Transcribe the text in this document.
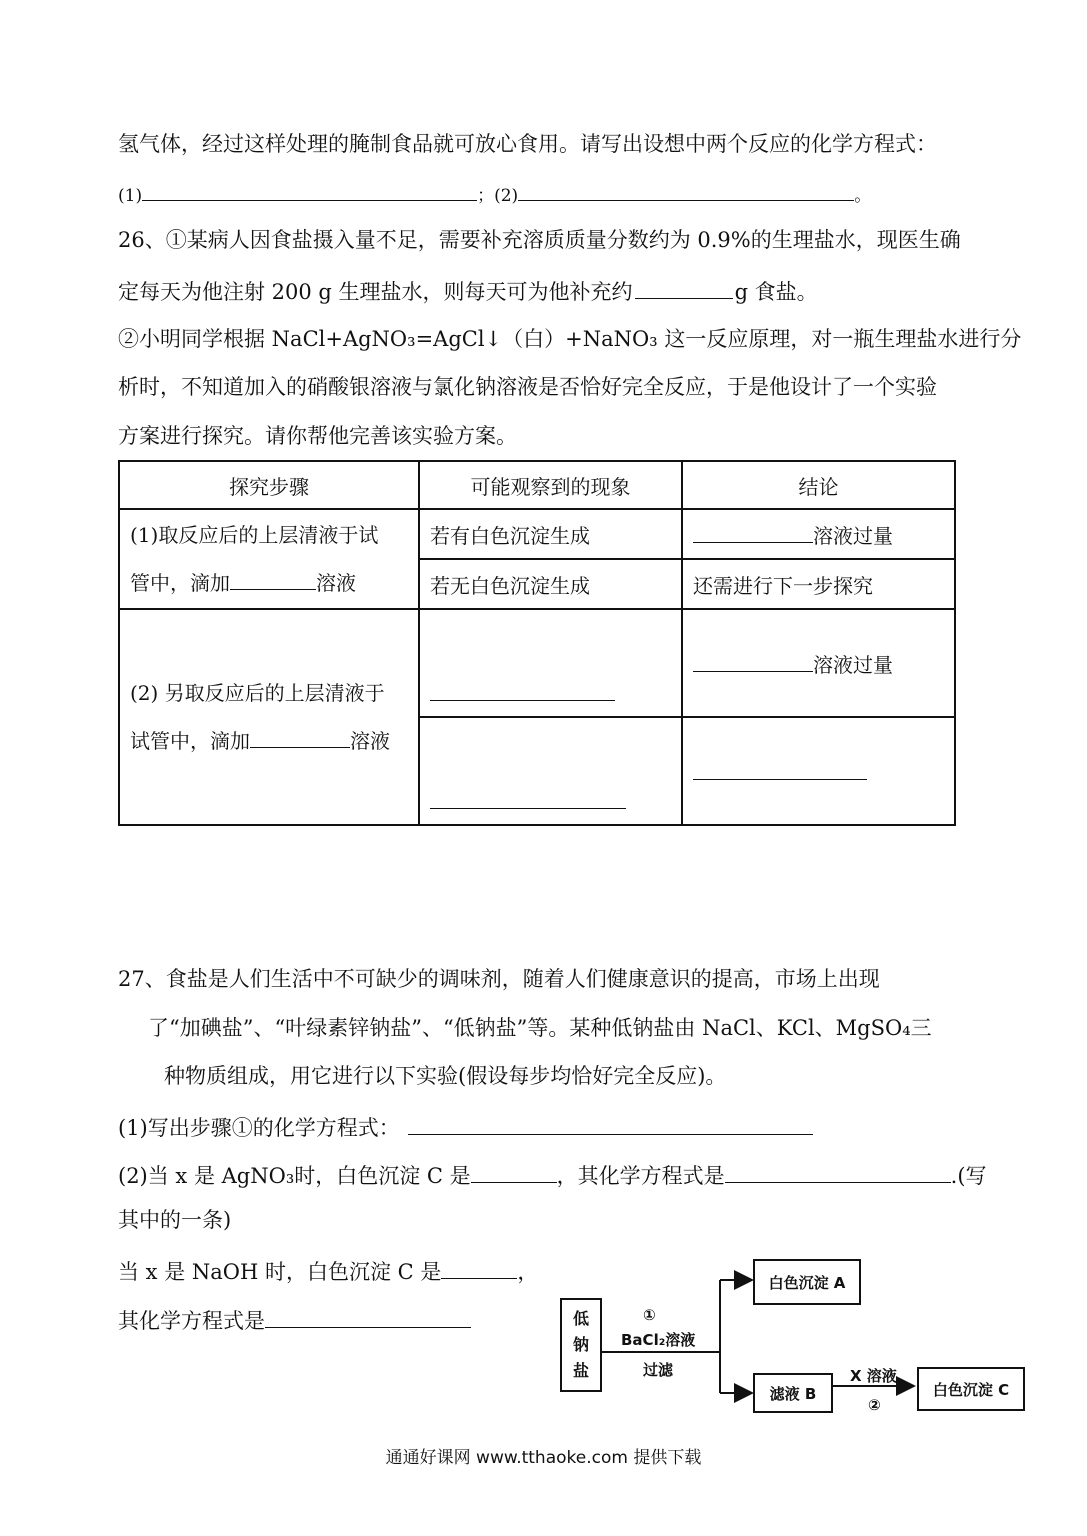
氢气体，经过这样处理的腌制食品就可放心食用。请写出设想中两个反应的化学方程式：
(1)	；(2)	。
26、①某病人因食盐摄入量不足，需要补充溶质质量分数约为 0.9%的生理盐水，现医生确
定每天为他注射 200 g 生理盐水，则每天可为他补充约	g 食盐。
②小明同学根据 NaCl+AgNO₃=AgCl↓（白）+NaNO₃ 这一反应原理，对一瓶生理盐水进行分
析时，不知道加入的硝酸银溶液与氯化钠溶液是否恰好完全反应，于是他设计了一个实验
方案进行探究。请你帮他完善该实验方案。
探究步骤	可能观察到的现象	结论

(1)取反应后的上层清液于试
管中，滴加 溶液	若有白色沉淀生成	溶液过量
	若无白色沉淀生成	还需进行下一步探究

(2) 另取反应后的上层清液于
试管中，滴加 溶液		溶液过量

27、食盐是人们生活中不可缺少的调味剂，随着人们健康意识的提高，市场上出现
了“加碘盐”、“叶绿素锌钠盐”、“低钠盐”等。某种低钠盐由 NaCl、KCl、MgSO₄三
种物质组成，用它进行以下实验(假设每步均恰好完全反应)。
(1)写出步骤①的化学方程式：
(2)当 x 是 AgNO₃时，白色沉淀 C 是	，其化学方程式是	.(写
其中的一条)
当 x 是 NaOH 时，白色沉淀 C 是	，
其化学方程式是	低
钠
盐
①
BaCl₂溶液
过滤
白色沉淀 A
滤液 B
X 溶液
②
白色沉淀 C
通通好课网 www.tthaoke.com 提供下载
